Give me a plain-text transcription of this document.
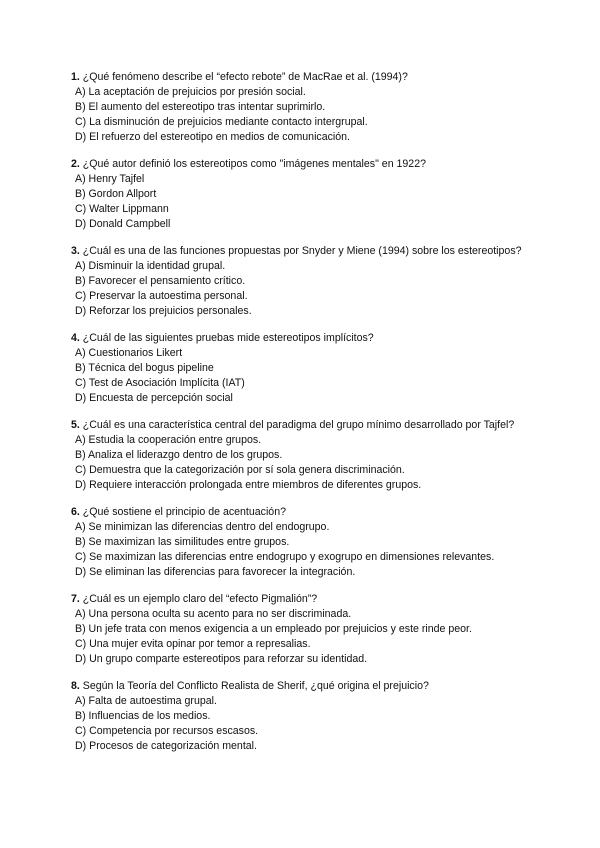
1. ¿Qué fenómeno describe el “efecto rebote” de MacRae et al. (1994)?

A) La aceptación de prejuicios por presión social.

B) El aumento del estereotipo tras intentar suprimirlo.

C) La disminución de prejuicios mediante contacto intergrupal.

D) El refuerzo del estereotipo en medios de comunicación.

2. ¿Qué autor definió los estereotipos como "imágenes mentales" en 1922?

A) Henry Tajfel

B) Gordon Allport

C) Walter Lippmann

D) Donald Campbell

3. ¿Cuál es una de las funciones propuestas por Snyder y Miene (1994) sobre los estereotipos?

A) Disminuir la identidad grupal.

B) Favorecer el pensamiento crítico.

C) Preservar la autoestima personal.

D) Reforzar los prejuicios personales.

4. ¿Cuál de las siguientes pruebas mide estereotipos implícitos?

A) Cuestionarios Likert

B) Técnica del bogus pipeline

C) Test de Asociación Implícita (IAT)

D) Encuesta de percepción social

5. ¿Cuál es una característica central del paradigma del grupo mínimo desarrollado por Tajfel?

A) Estudia la cooperación entre grupos.

B) Analiza el liderazgo dentro de los grupos.

C) Demuestra que la categorización por sí sola genera discriminación.

D) Requiere interacción prolongada entre miembros de diferentes grupos.

6. ¿Qué sostiene el principio de acentuación?

A) Se minimizan las diferencias dentro del endogrupo.

B) Se maximizan las similitudes entre grupos.

C) Se maximizan las diferencias entre endogrupo y exogrupo en dimensiones relevantes.

D) Se eliminan las diferencias para favorecer la integración.

7. ¿Cuál es un ejemplo claro del “efecto Pigmalión”?

A) Una persona oculta su acento para no ser discriminada.

B) Un jefe trata con menos exigencia a un empleado por prejuicios y este rinde peor.

C) Una mujer evita opinar por temor a represalias.

D) Un grupo comparte estereotipos para reforzar su identidad.

8. Según la Teoría del Conflicto Realista de Sherif, ¿qué origina el prejuicio?

A) Falta de autoestima grupal.

B) Influencias de los medios.

C) Competencia por recursos escasos.

D) Procesos de categorización mental.
